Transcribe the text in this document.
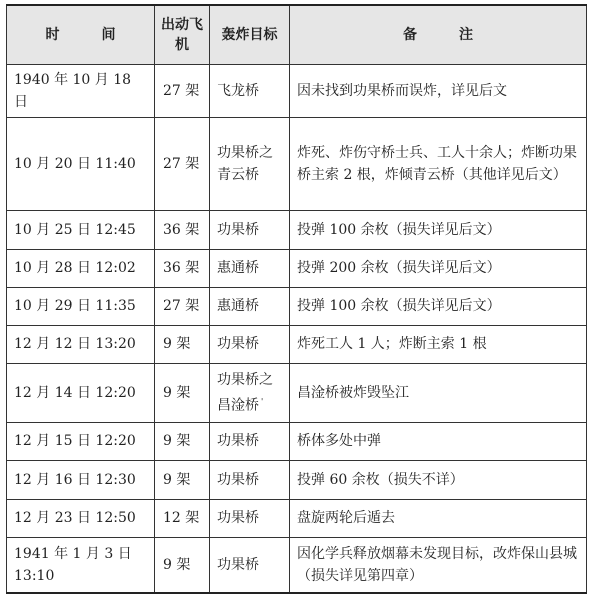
时　间	出动飞机	轰炸目标	备　注
1940 年 10 月 18 日	27 架	飞龙桥	因未找到功果桥而误炸，详见后文
10 月 20 日 11:40	27 架	功果桥之青云桥	炸死、炸伤守桥士兵、工人十余人；炸断功果桥主索 2 根，炸倾青云桥（其他详见后文）
10 月 25 日 12:45	36 架	功果桥	投弹 100 余枚（损失详见后文）
10 月 28 日 12:02	36 架	惠通桥	投弹 200 余枚（损失详见后文）
10 月 29 日 11:35	27 架	惠通桥	投弹 100 余枚（损失详见后文）
12 月 12 日 13:20	9 架	功果桥	炸死工人 1 人；炸断主索 1 根
12 月 14 日 12:20	9 架	功果桥之昌淦桥 '	昌淦桥被炸毁坠江
12 月 15 日 12:20	9 架	功果桥	桥体多处中弹
12 月 16 日 12:30	9 架	功果桥	投弹 60 余枚（损失不详）
12 月 23 日 12:50	12 架	功果桥	盘旋两轮后遁去
1941 年 1 月 3 日 13:10	9 架	功果桥	因化学兵释放烟幕未发现目标，改炸保山县城（损失详见第四章）
